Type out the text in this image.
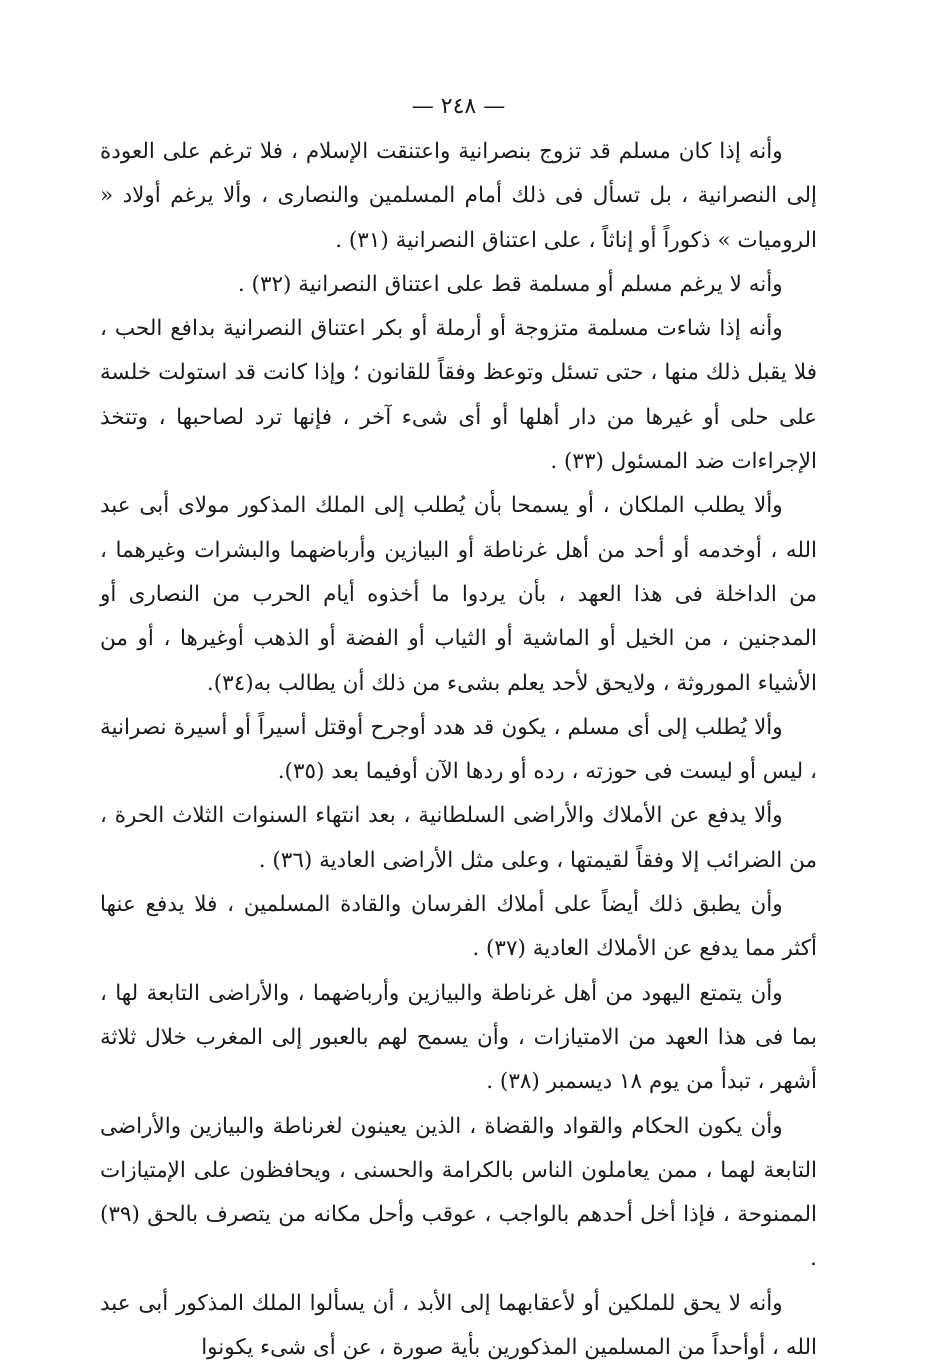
— ٢٤٨ —

وأنه إذا كان مسلم قد تزوج بنصرانية واعتنقت الإسلام ، فلا ترغم على العودة إلى النصرانية ، بل تسأل فى ذلك أمام المسلمين والنصارى ، وألا يرغم أولاد « الروميات » ذكوراً أو إناثاً ، على اعتناق النصرانية (٣١) .

وأنه لا يرغم مسلم أو مسلمة قط على اعتناق النصرانية (٣٢) .

وأنه إذا شاءت مسلمة متزوجة أو أرملة أو بكر اعتناق النصرانية بدافع الحب ، فلا يقبل ذلك منها ، حتى تسئل وتوعظ وفقاً للقانون ؛ وإذا كانت قد استولت خلسة على حلى أو غيرها من دار أهلها أو أى شىء آخر ، فإنها ترد لصاحبها ، وتتخذ الإجراءات ضد المسئول (٣٣) .

وألا يطلب الملكان ، أو يسمحا بأن يُطلب إلى الملك المذكور مولاى أبى عبد الله ، أوخدمه أو أحد من أهل غرناطة أو البيازين وأرباضهما والبشرات وغيرهما ، من الداخلة فى هذا العهد ، بأن يردوا ما أخذوه أيام الحرب من النصارى أو المدجنين ، من الخيل أو الماشية أو الثياب أو الفضة أو الذهب أوغيرها ، أو من الأشياء الموروثة ، ولايحق لأحد يعلم بشىء من ذلك أن يطالب به(٣٤).

وألا يُطلب إلى أى مسلم ، يكون قد هدد أوجرح أوقتل أسيراً أو أسيرة نصرانية ، ليس أو ليست فى حوزته ، رده أو ردها الآن أوفيما بعد (٣٥).

وألا يدفع عن الأملاك والأراضى السلطانية ، بعد انتهاء السنوات الثلاث الحرة ، من الضرائب إلا وفقاً لقيمتها ، وعلى مثل الأراضى العادية (٣٦) .

وأن يطبق ذلك أيضاً على أملاك الفرسان والقادة المسلمين ، فلا يدفع عنها أكثر مما يدفع عن الأملاك العادية (٣٧) .

وأن يتمتع اليهود من أهل غرناطة والبيازين وأرباضهما ، والأراضى التابعة لها ، بما فى هذا العهد من الامتيازات ، وأن يسمح لهم بالعبور إلى المغرب خلال ثلاثة أشهر ، تبدأ من يوم ١٨ ديسمبر (٣٨) .

وأن يكون الحكام والقواد والقضاة ، الذين يعينون لغرناطة والبيازين والأراضى التابعة لهما ، ممن يعاملون الناس بالكرامة والحسنى ، ويحافظون على الإمتيازات الممنوحة ، فإذا أخل أحدهم بالواجب ، عوقب وأحل مكانه من يتصرف بالحق (٣٩) .

وأنه لا يحق للملكين أو لأعقابهما إلى الأبد ، أن يسألوا الملك المذكور أبى عبد الله ، أوأحداً من المسلمين المذكورين بأية صورة ، عن أى شىء يكونوا
